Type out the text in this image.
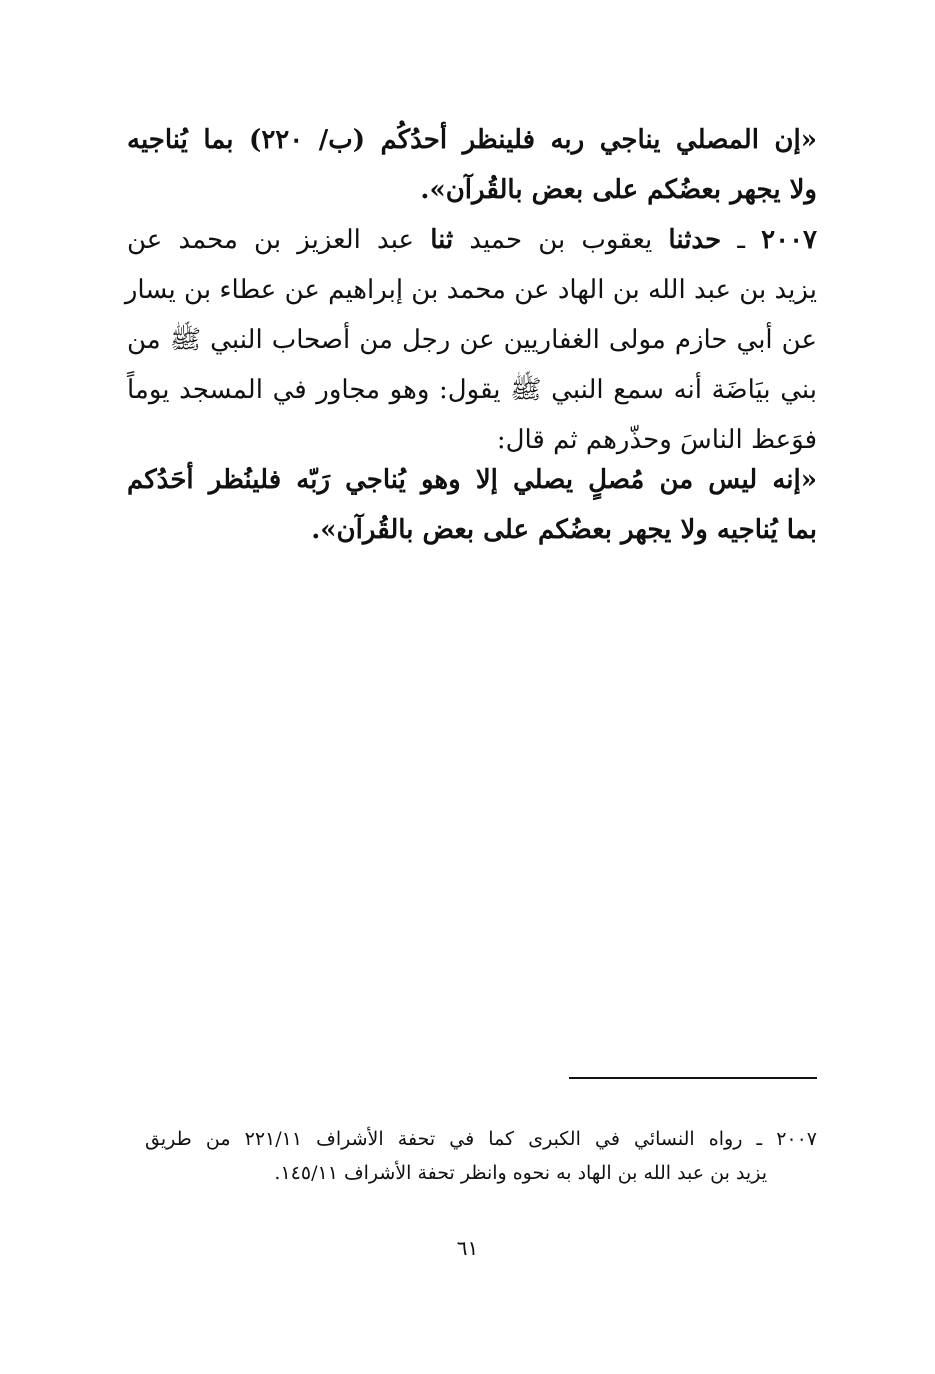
«إن المصلي يناجي ربه فلينظر أحدُكُم (ب/ ٢٢٠) بما يُناجيه
ولا يجهر بعضُكم على بعض بالقُرآن».
٢٠٠٧ ـ حدثنا يعقوب بن حميد ثنا عبد العزيز بن محمد عن
يزيد بن عبد الله بن الهاد عن محمد بن إبراهيم عن عطاء بن يسار
عن أبي حازم مولى الغفاريين عن رجل من أصحاب النبي ﷺ من
بني بيَاضَة أنه سمع النبي ﷺ يقول: وهو مجاور في المسجد يوماً
فوَعظ الناسَ وحذّرهم ثم قال:
«إنه ليس من مُصلٍ يصلي إلا وهو يُناجي رَبّه فلينُظر أحَدُكم
بما يُناجيه ولا يجهر بعضُكم على بعض بالقُرآن».
٢٠٠٧ ـ رواه النسائي في الكبرى كما في تحفة الأشراف ٢٢١/١١ من طريق
يزيد بن عبد الله بن الهاد به نحوه وانظر تحفة الأشراف ١٤٥/١١.
٦١
